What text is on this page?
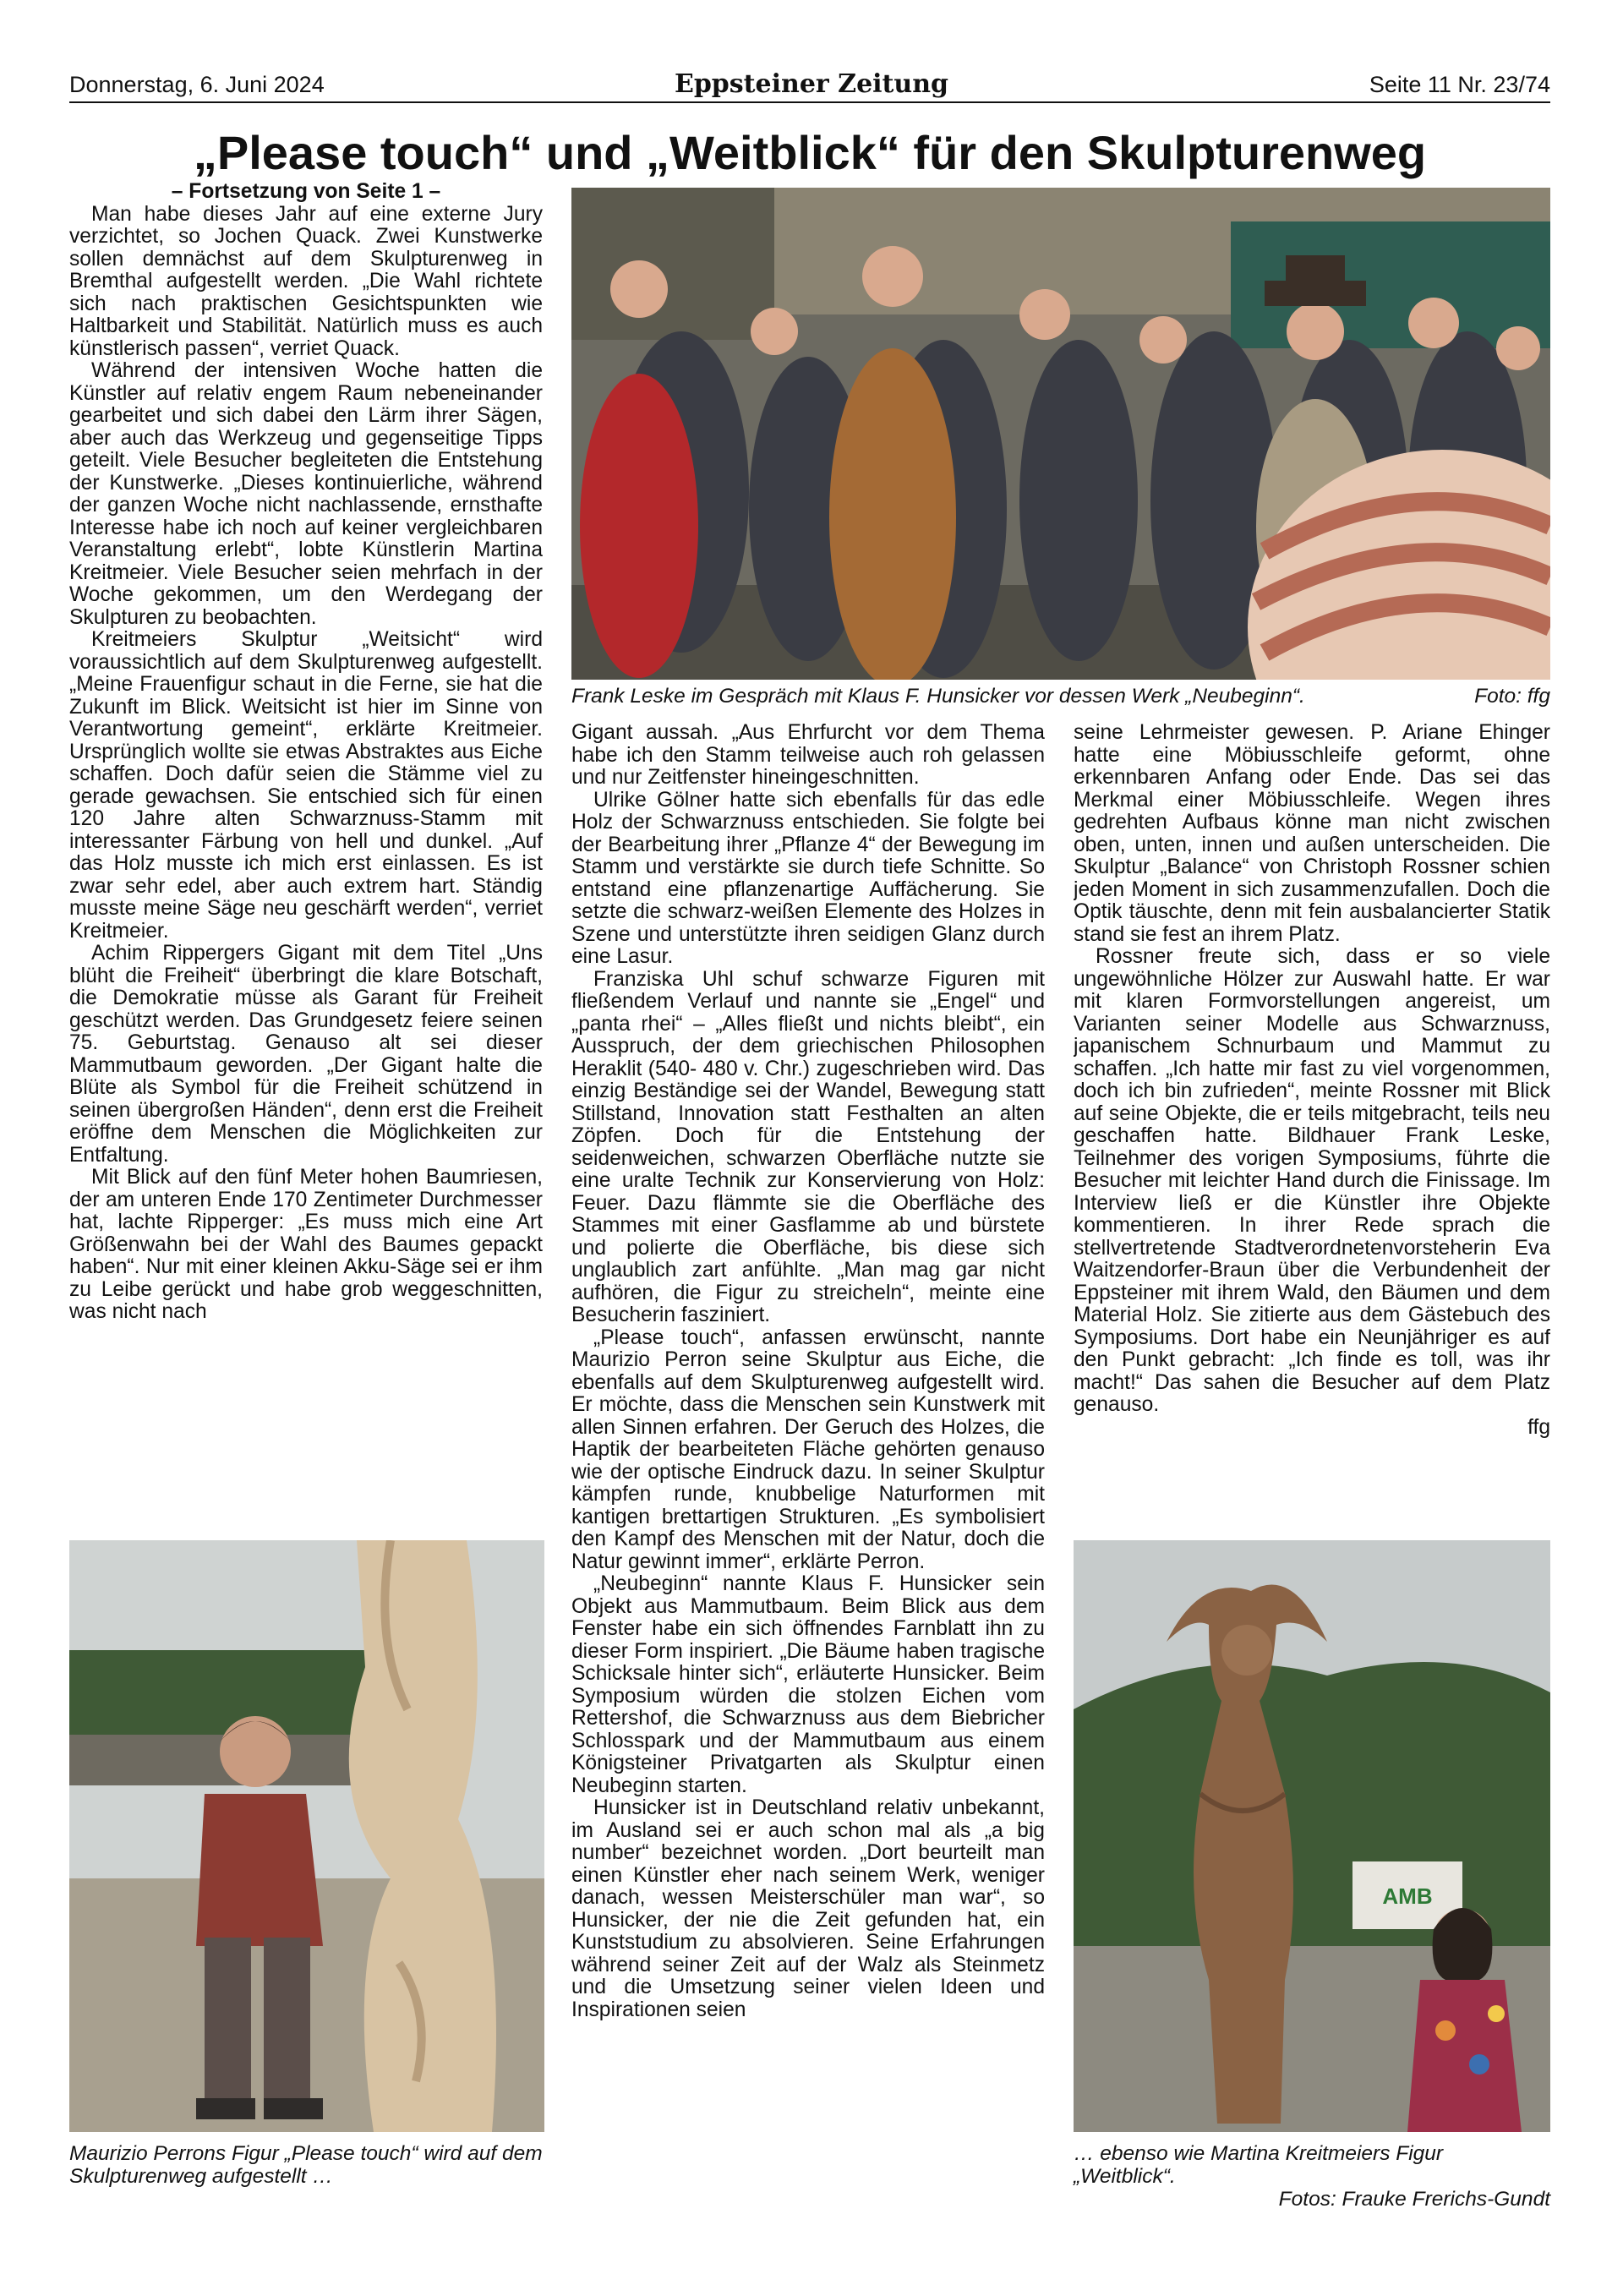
Donnerstag, 6. Juni 2024	Eppsteiner Zeitung	Seite 11 Nr. 23/74
„Please touch“ und „Weitblick“ für den Skulpturenweg

– Fortsetzung von Seite 1 –

Man habe dieses Jahr auf eine externe Jury verzichtet, so Jochen Quack. Zwei Kunstwerke sollen demnächst auf dem Skulpturenweg in Bremthal aufgestellt werden. „Die Wahl richtete sich nach praktischen Gesichtspunkten wie Haltbarkeit und Stabilität. Natürlich muss es auch künstlerisch passen“, verriet Quack.

Während der intensiven Woche hatten die Künstler auf relativ engem Raum nebeneinander gearbeitet und sich dabei den Lärm ihrer Sägen, aber auch das Werkzeug und gegenseitige Tipps geteilt. Viele Besucher begleiteten die Entstehung der Kunstwerke. „Dieses kontinuierliche, während der ganzen Woche nicht nachlassende, ernsthafte Interesse habe ich noch auf keiner vergleichbaren Veranstaltung erlebt“, lobte Künstlerin Martina Kreitmeier. Viele Besucher seien mehrfach in der Woche gekommen, um den Werdegang der Skulpturen zu beobachten.

Kreitmeiers Skulptur „Weitsicht“ wird voraussichtlich auf dem Skulpturenweg aufgestellt. „Meine Frauenfigur schaut in die Ferne, sie hat die Zukunft im Blick. Weitsicht ist hier im Sinne von Verantwortung gemeint“, erklärte Kreitmeier. Ursprünglich wollte sie etwas Abstraktes aus Eiche schaffen. Doch dafür seien die Stämme viel zu gerade gewachsen. Sie entschied sich für einen 120 Jahre alten Schwarznuss-Stamm mit interessanter Färbung von hell und dunkel. „Auf das Holz musste ich mich erst einlassen. Es ist zwar sehr edel, aber auch extrem hart. Ständig musste meine Säge neu geschärft werden“, verriet Kreitmeier.

Achim Rippergers Gigant mit dem Titel „Uns blüht die Freiheit“ überbringt die klare Botschaft, die Demokratie müsse als Garant für Freiheit geschützt werden. Das Grundgesetz feiere seinen 75. Geburtstag. Genauso alt sei dieser Mammutbaum geworden. „Der Gigant halte die Blüte als Symbol für die Freiheit schützend in seinen übergroßen Händen“, denn erst die Freiheit eröffne dem Menschen die Möglichkeiten zur Entfaltung.

Mit Blick auf den fünf Meter hohen Baumriesen, der am unteren Ende 170 Zentimeter Durchmesser hat, lachte Ripperger: „Es muss mich eine Art Größenwahn bei der Wahl des Baumes gepackt haben“. Nur mit einer kleinen Akku-Säge sei er ihm zu Leibe gerückt und habe grob weggeschnitten, was nicht nach

Frank Leske im Gespräch mit Klaus F. Hunsicker vor dessen Werk „Neubeginn“.	Foto: ffg

Gigant aussah. „Aus Ehrfurcht vor dem Thema habe ich den Stamm teilweise auch roh gelassen und nur Zeitfenster hineingeschnitten.

Ulrike Gölner hatte sich ebenfalls für das edle Holz der Schwarznuss entschieden. Sie folgte bei der Bearbeitung ihrer „Pflanze 4“ der Bewegung im Stamm und verstärkte sie durch tiefe Schnitte. So entstand eine pflanzenartige Auffächerung. Sie setzte die schwarz-weißen Elemente des Holzes in Szene und unterstützte ihren seidigen Glanz durch eine Lasur.

Franziska Uhl schuf schwarze Figuren mit fließendem Verlauf und nannte sie „Engel“ und „panta rhei“ – „Alles fließt und nichts bleibt“, ein Ausspruch, der dem griechischen Philosophen Heraklit (540- 480 v. Chr.) zugeschrieben wird. Das einzig Beständige sei der Wandel, Bewegung statt Stillstand, Innovation statt Festhalten an alten Zöpfen. Doch für die Entstehung der seidenweichen, schwarzen Oberfläche nutzte sie eine uralte Technik zur Konservierung von Holz: Feuer. Dazu flämmte sie die Oberfläche des Stammes mit einer Gasflamme ab und bürstete und polierte die Oberfläche, bis diese sich unglaublich zart anfühlte. „Man mag gar nicht aufhören, die Figur zu streicheln“, meinte eine Besucherin fasziniert.

„Please touch“, anfassen erwünscht, nannte Maurizio Perron seine Skulptur aus Eiche, die ebenfalls auf dem Skulpturenweg aufgestellt wird. Er möchte, dass die Menschen sein Kunstwerk mit allen Sinnen erfahren. Der Geruch des Holzes, die Haptik der bearbeiteten Fläche gehörten genauso wie der optische Eindruck dazu. In seiner Skulptur kämpfen runde, knubbelige Naturformen mit kantigen brettartigen Strukturen. „Es symbolisiert den Kampf des Menschen mit der Natur, doch die Natur gewinnt immer“, erklärte Perron.

„Neubeginn“ nannte Klaus F. Hunsicker sein Objekt aus Mammutbaum. Beim Blick aus dem Fenster habe ein sich öffnendes Farnblatt ihn zu dieser Form inspiriert. „Die Bäume haben tragische Schicksale hinter sich“, erläuterte Hunsicker. Beim Symposium würden die stolzen Eichen vom Rettershof, die Schwarznuss aus dem Biebricher Schlosspark und der Mammutbaum aus einem Königsteiner Privatgarten als Skulptur einen Neubeginn starten.

Hunsicker ist in Deutschland relativ unbekannt, im Ausland sei er auch schon mal als „a big number“ bezeichnet worden. „Dort beurteilt man einen Künstler eher nach seinem Werk, weniger danach, wessen Meisterschüler man war“, so Hunsicker, der nie die Zeit gefunden hat, ein Kunststudium zu absolvieren. Seine Erfahrungen während seiner Zeit auf der Walz als Steinmetz und die Umsetzung seiner vielen Ideen und Inspirationen seien

seine Lehrmeister gewesen. P. Ariane Ehinger hatte eine Möbiusschleife geformt, ohne erkennbaren Anfang oder Ende. Das sei das Merkmal einer Möbiusschleife. Wegen ihres gedrehten Aufbaus könne man nicht zwischen oben, unten, innen und außen unterscheiden. Die Skulptur „Balance“ von Christoph Rossner schien jeden Moment in sich zusammenzufallen. Doch die Optik täuschte, denn mit fein ausbalancierter Statik stand sie fest an ihrem Platz.

Rossner freute sich, dass er so viele ungewöhnliche Hölzer zur Auswahl hatte. Er war mit klaren Formvorstellungen angereist, um Varianten seiner Modelle aus Schwarznuss, japanischem Schnurbaum und Mammut zu schaffen. „Ich hatte mir fast zu viel vorgenommen, doch ich bin zufrieden“, meinte Rossner mit Blick auf seine Objekte, die er teils mitgebracht, teils neu geschaffen hatte. Bildhauer Frank Leske, Teilnehmer des vorigen Symposiums, führte die Besucher mit leichter Hand durch die Finissage. Im Interview ließ er die Künstler ihre Objekte kommentieren. In ihrer Rede sprach die stellvertretende Stadtverordnetenvorsteherin Eva Waitzendorfer-Braun über die Verbundenheit der Eppsteiner mit ihrem Wald, den Bäumen und dem Material Holz. Sie zitierte aus dem Gästebuch des Symposiums. Dort habe ein Neunjähriger es auf den Punkt gebracht: „Ich finde es toll, was ihr macht!“ Das sahen die Besucher auf dem Platz genauso.

ffg

Maurizio Perrons Figur „Please touch“ wird auf dem Skulpturenweg aufgestellt …
AMB
… ebenso wie Martina Kreitmeiers Figur „Weitblick“.

Fotos: Frauke Frerichs-Gundt
